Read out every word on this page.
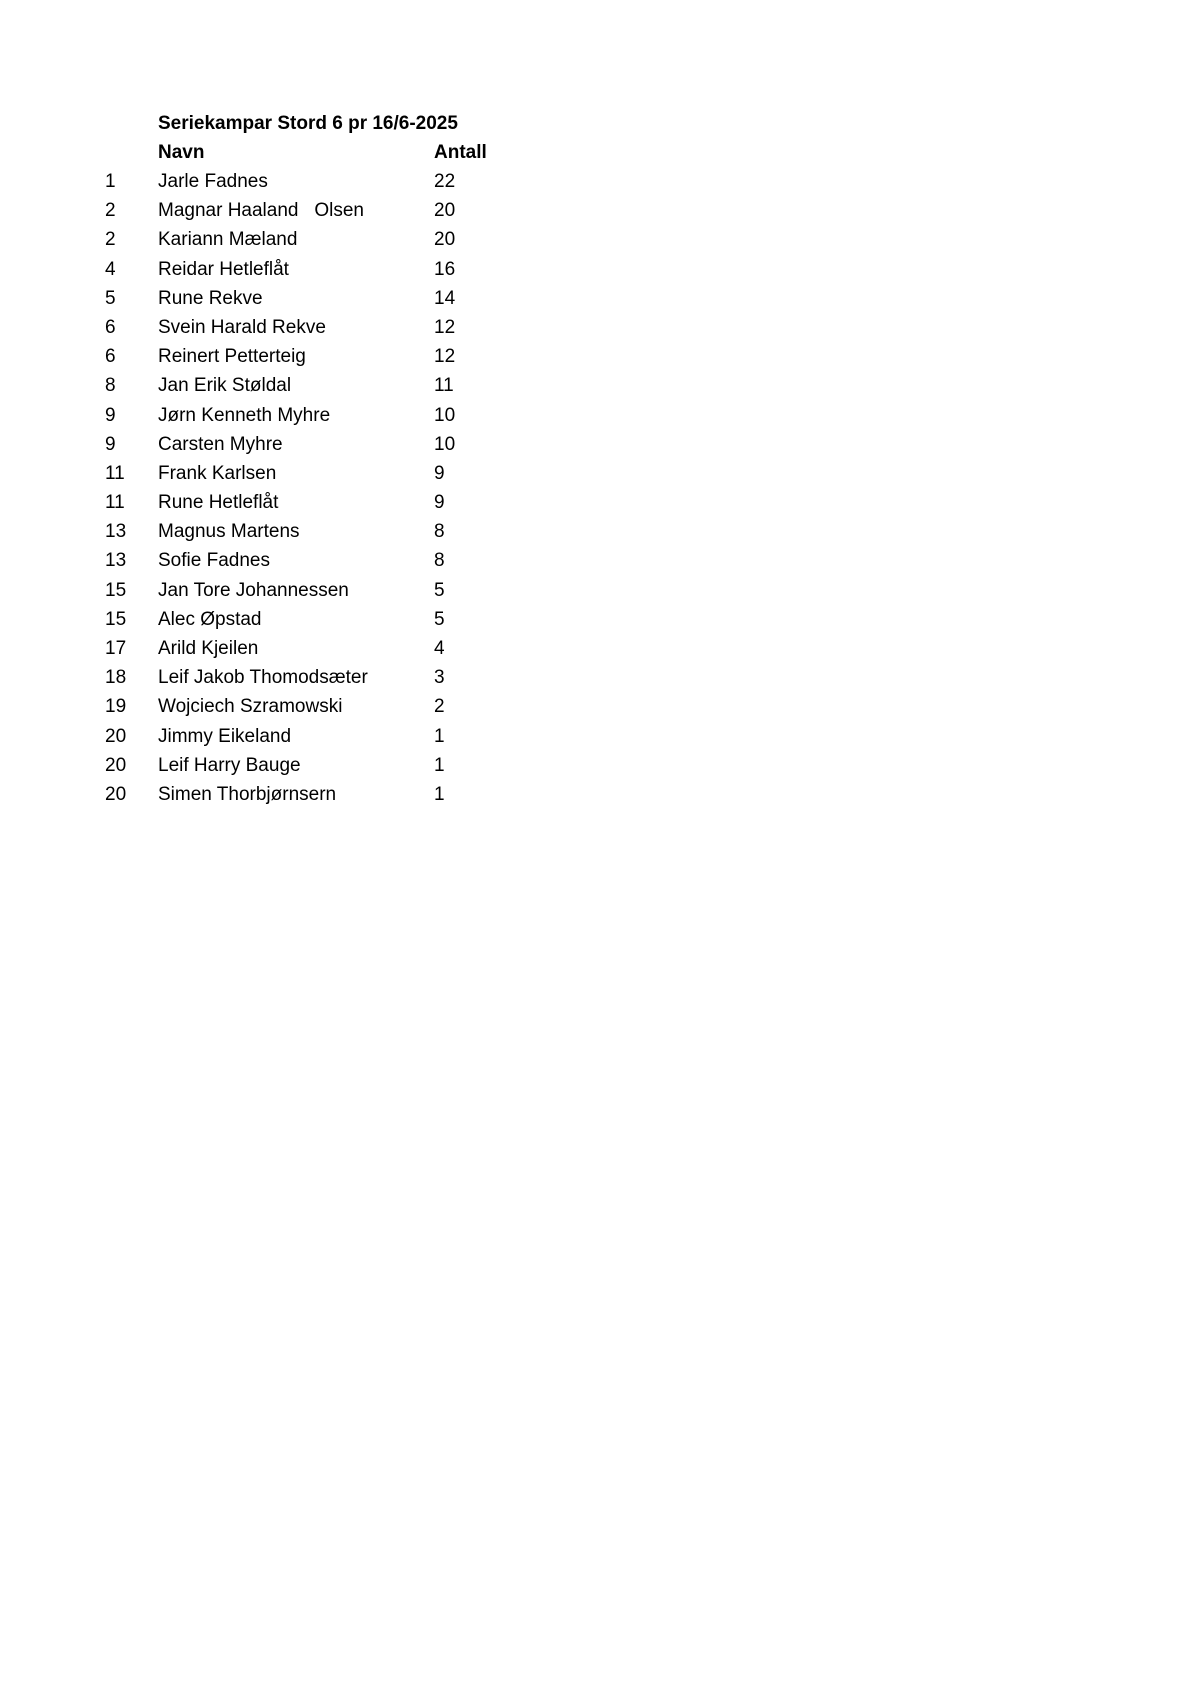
Seriekampar Stord 6 pr 16/6-2025
Navn	Antall
1 Jarle Fadnes	22
2 Magnar Haaland   Olsen	20
2 Kariann Mæland	20
4 Reidar Hetleflåt	16
5 Rune Rekve	14
6 Svein Harald Rekve	12
6 Reinert Petterteig	12
8 Jan Erik Støldal	11
9 Jørn Kenneth Myhre	10
9 Carsten Myhre	10
11 Frank Karlsen	9
11 Rune Hetleflåt	9
13 Magnus Martens	8
13 Sofie Fadnes	8
15 Jan Tore Johannessen	5
15 Alec Øpstad	5
17 Arild Kjeilen	4
18 Leif Jakob Thomodsæter	3
19 Wojciech Szramowski	2
20 Jimmy Eikeland	1
20 Leif Harry Bauge	1
20 Simen Thorbjørnsern	1
